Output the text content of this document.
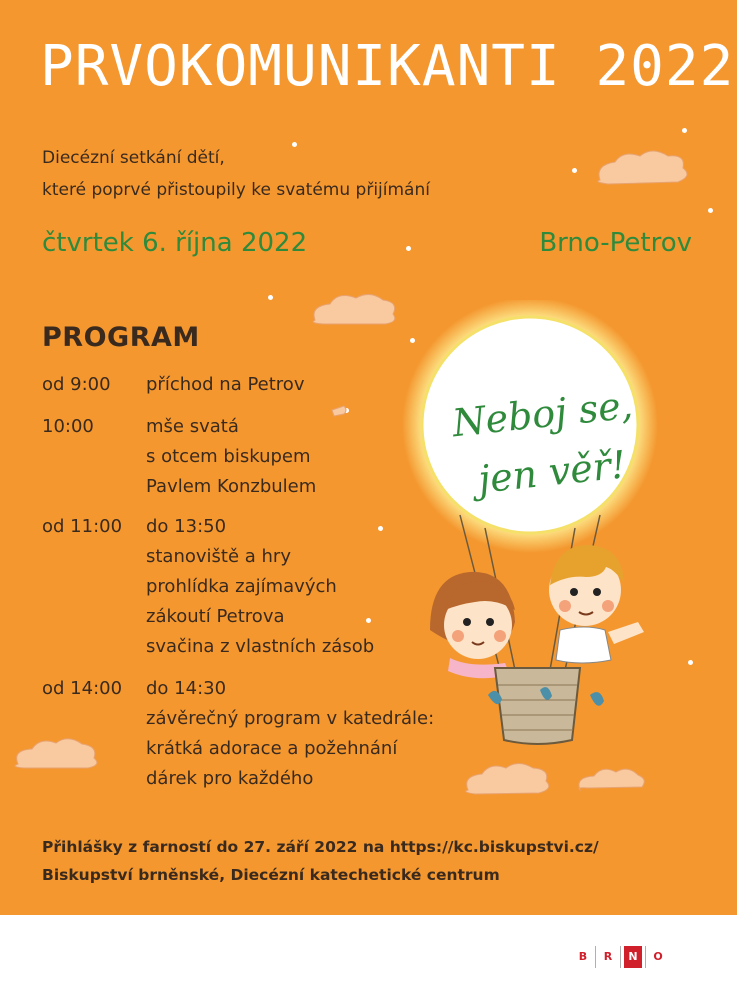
PRVOKOMUNIKANTI 2022
Diecézní setkání dětí,
které poprvé přistoupily ke svatému přijímání
čtvrtek 6. října 2022	Brno-Petrov
PROGRAM
od 9:00	příchod na Petrov
10:00	mše svatá
s otcem biskupem
Pavlem Konzbulem
od 11:00	do 13:50
stanoviště a hry
prohlídka zajímavých
zákoutí Petrova
svačina z vlastních zásob
od 14:00	do 14:30
závěrečný program v katedrále:
krátká adorace a požehnání
dárek pro každého
Neboj se,
jen věř!
Přihlášky z farností do 27. září 2022 na https://kc.biskupstvi.cz/
Biskupství brněnské, Diecézní katechetické centrum
B	R	N	O
